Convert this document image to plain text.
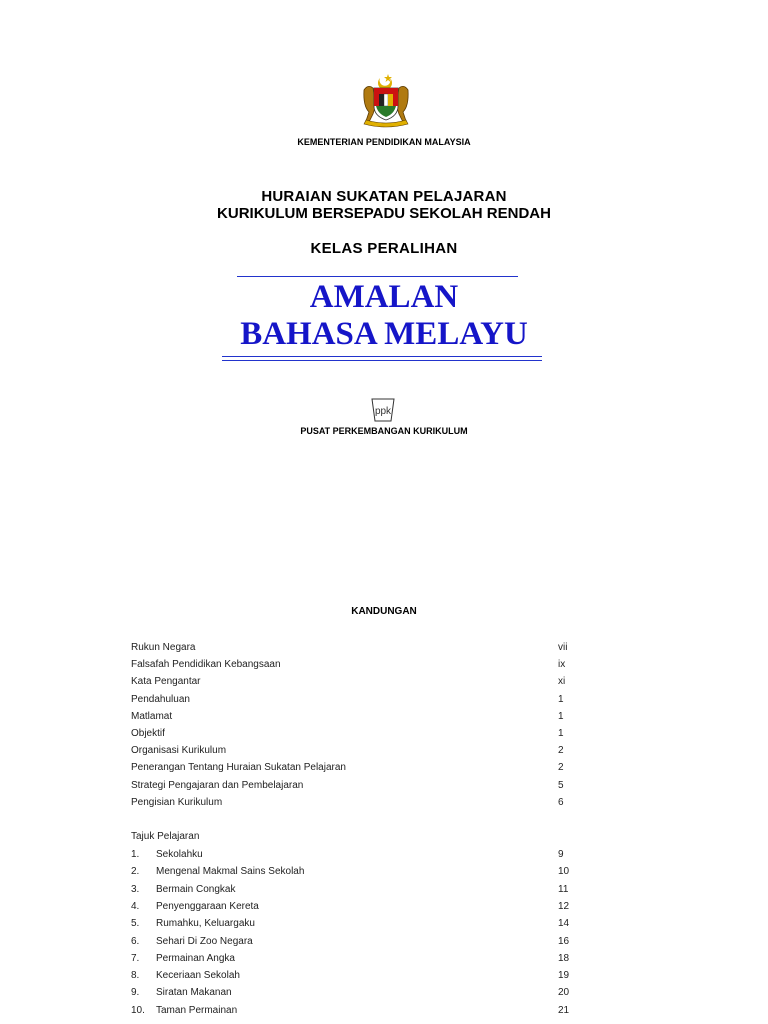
KEMENTERIAN PENDIDIKAN MALAYSIA
HURAIAN SUKATAN PELAJARAN
KURIKULUM BERSEPADU SEKOLAH RENDAH
KELAS PERALIHAN
AMALAN
BAHASA MELAYU
ppk
PUSAT PERKEMBANGAN KURIKULUM
KANDUNGAN
Rukun Negara	vii
Falsafah Pendidikan Kebangsaan	ix
Kata Pengantar	xi
Pendahuluan	1
Matlamat	1
Objektif	1
Organisasi Kurikulum	2
Penerangan Tentang Huraian Sukatan Pelajaran	2
Strategi Pengajaran dan Pembelajaran	5
Pengisian Kurikulum	6
Tajuk Pelajaran
1. Sekolahku	9
2. Mengenal Makmal Sains Sekolah	10
3. Bermain Congkak	11
4. Penyenggaraan Kereta	12
5. Rumahku, Keluargaku	14
6. Sehari Di Zoo Negara	16
7. Permainan Angka	18
8. Keceriaan Sekolah	19
9. Siratan Makanan	20
10. Taman Permainan	21
